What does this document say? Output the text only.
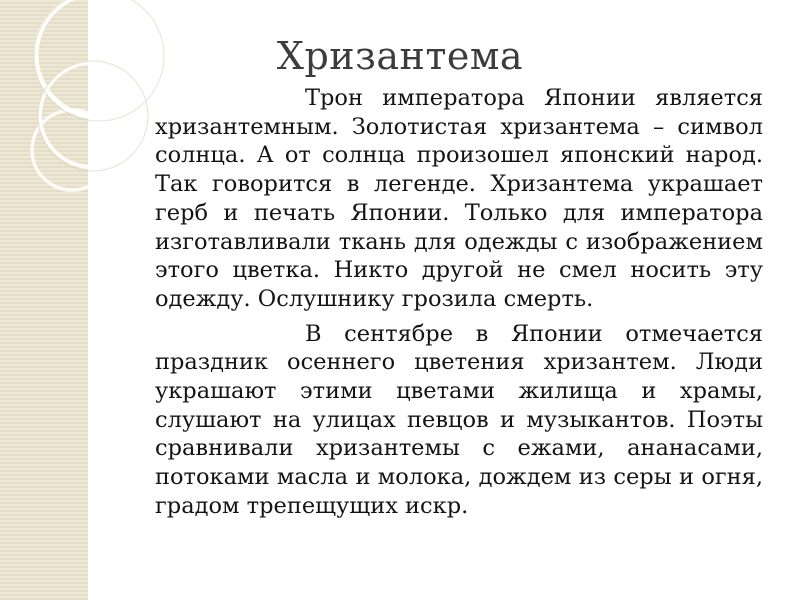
Хризантема

Трон императора Японии является хризантемным. Золотистая хризантема – символ солнца. А от солнца произошел японский народ. Так говорится в легенде. Хризантема украшает герб и печать Японии. Только для императора изготавливали ткань для одежды с изображением этого цветка. Никто другой не смел носить эту одежду. Ослушнику грозила смерть.

В сентябре в Японии отмечается праздник осеннего цветения хризантем. Люди украшают этими цветами жилища и храмы, слушают на улицах певцов и музыкантов. Поэты сравнивали хризантемы с ежами, ананасами, потоками масла и молока, дождем из серы и огня, градом трепещущих искр.
